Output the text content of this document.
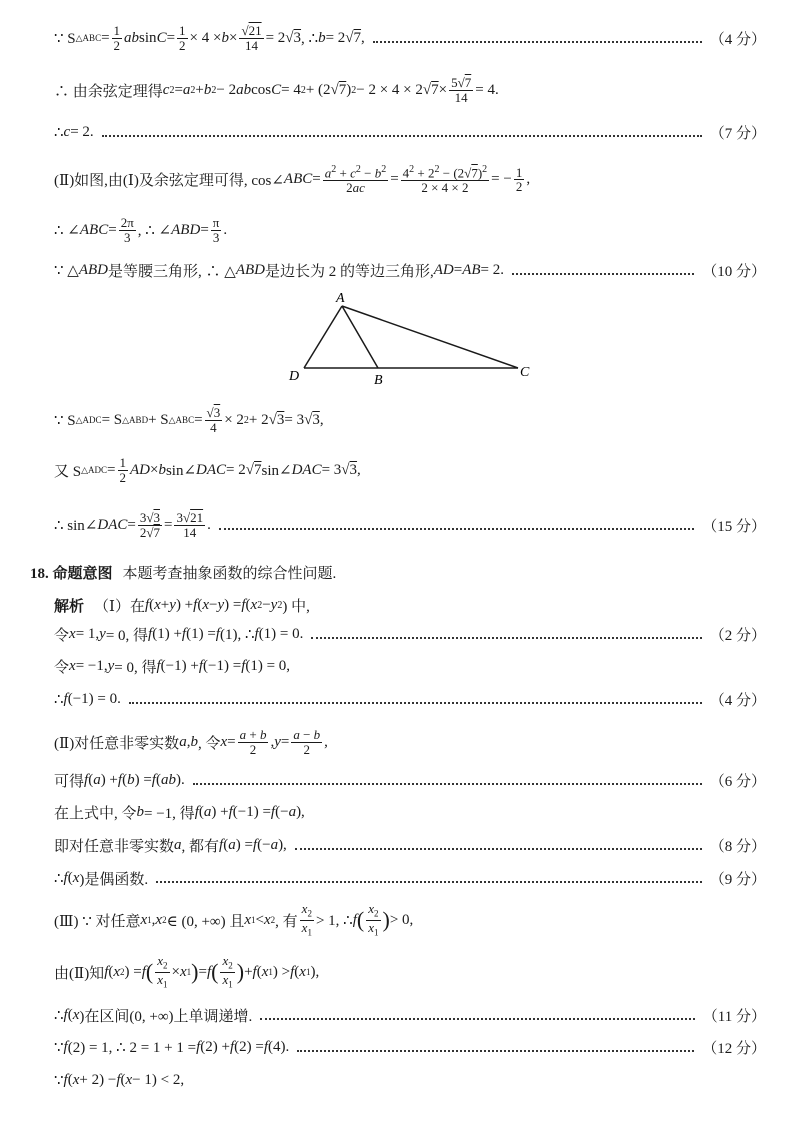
∵ S △ABC = $\frac{1}{2}$ ab $\sin C = \frac{1}{2} \times 4 \times b \times \frac{√21}{14} = 2√$ 3 , ∴ b = 2√ 7 ,	（4 分）
∴ 由余弦定理得 c 2 = a 2 + b 2 − 2 ab cos C = 4 2 + (2√ 7 ) 2 − 2 × 4 × 2√ $7 \times \frac{5√7}{14} = 4$.
∴ c = 2.	（7 分）
(Ⅱ)如图,由(Ⅰ)及余弦定理可得, cos∠ ABC = $\frac{a^2 + c^2 - b^2}{2ac} = \frac{4^2 + 2^2 - (2√7)^2}{2 \times 4 \times 2}$ = − $\frac{1}{2}$ ,
∴ ∠ ABC = $\frac{2\pi}{3}$ , ∴ ∠ ABD = $\frac{\pi}{3}$ .
∵ △ ABD 是等腰三角形, ∴ △ ABD 是边长为 2 的等边三角形, AD = AB = 2.	（10 分）
A
D	B
C
∵ S △ADC = S △ABD + S △ABC = $\frac{√3}{4} \times 2$ 2 + 2√ 3 = 3√ 3 ,
又 S △ADC = $\frac{1}{2}$ AD × b sin∠ DAC = 2√ 7 sin∠ DAC = 3√ 3 ,
∴ sin∠ DAC = $\frac{3√3}{2√7} = \frac{3√21}{14}$ .	（15 分）
18. 命题意图 本题考查抽象函数的综合性问题.
解析 （Ⅰ）在 f ( x + y ) + f ( x − y ) = f ( x 2 − y 2 ) 中,
令 x = 1, y = 0, 得 f (1) + f (1) = f (1), ∴ f (1) = 0.	（2 分）
令 x = −1, y = 0, 得 f (−1) + f (−1) = f (1) = 0,
∴ f (−1) = 0.	（4 分）
(Ⅱ)对任意非零实数 a , b , 令 $x = \frac{a + b}{2}$ , $y = \frac{a - b}{2}$ ,
可得 f ( a ) + f ( b ) = f ( ab ).	（6 分）
在上式中, 令 b = −1, 得 f ( a ) + f (−1) = f (− a ),
即对任意非零实数 a , 都有 f ( a ) = f (− a ),	（8 分）
∴ f ( x )是偶函数.	（9 分）
(Ⅲ) ∵ 对任意 x 1 , x 2 ∈ (0, +∞) 且 x 1 < x 2 , 有 $\frac{x_2}{x_1} > 1$, ∴ f ( $\frac{x_2}{x_1}$ ) > 0,
由(Ⅱ)知 f ( x 2 ) = f ( $\frac{x_2}{x_1} \times x$ 1 ) = f ( $\frac{x_2}{x_1}$ ) + f ( x 1 ) > f ( x 1 ),
∴ f ( x )在区间(0, +∞)上单调递增.	（11 分）
∵ f (2) = 1, ∴ 2 = 1 + 1 = f (2) + f (2) = f (4).	（12 分）
∵ f ( x + 2) − f ( x − 1) < 2,
